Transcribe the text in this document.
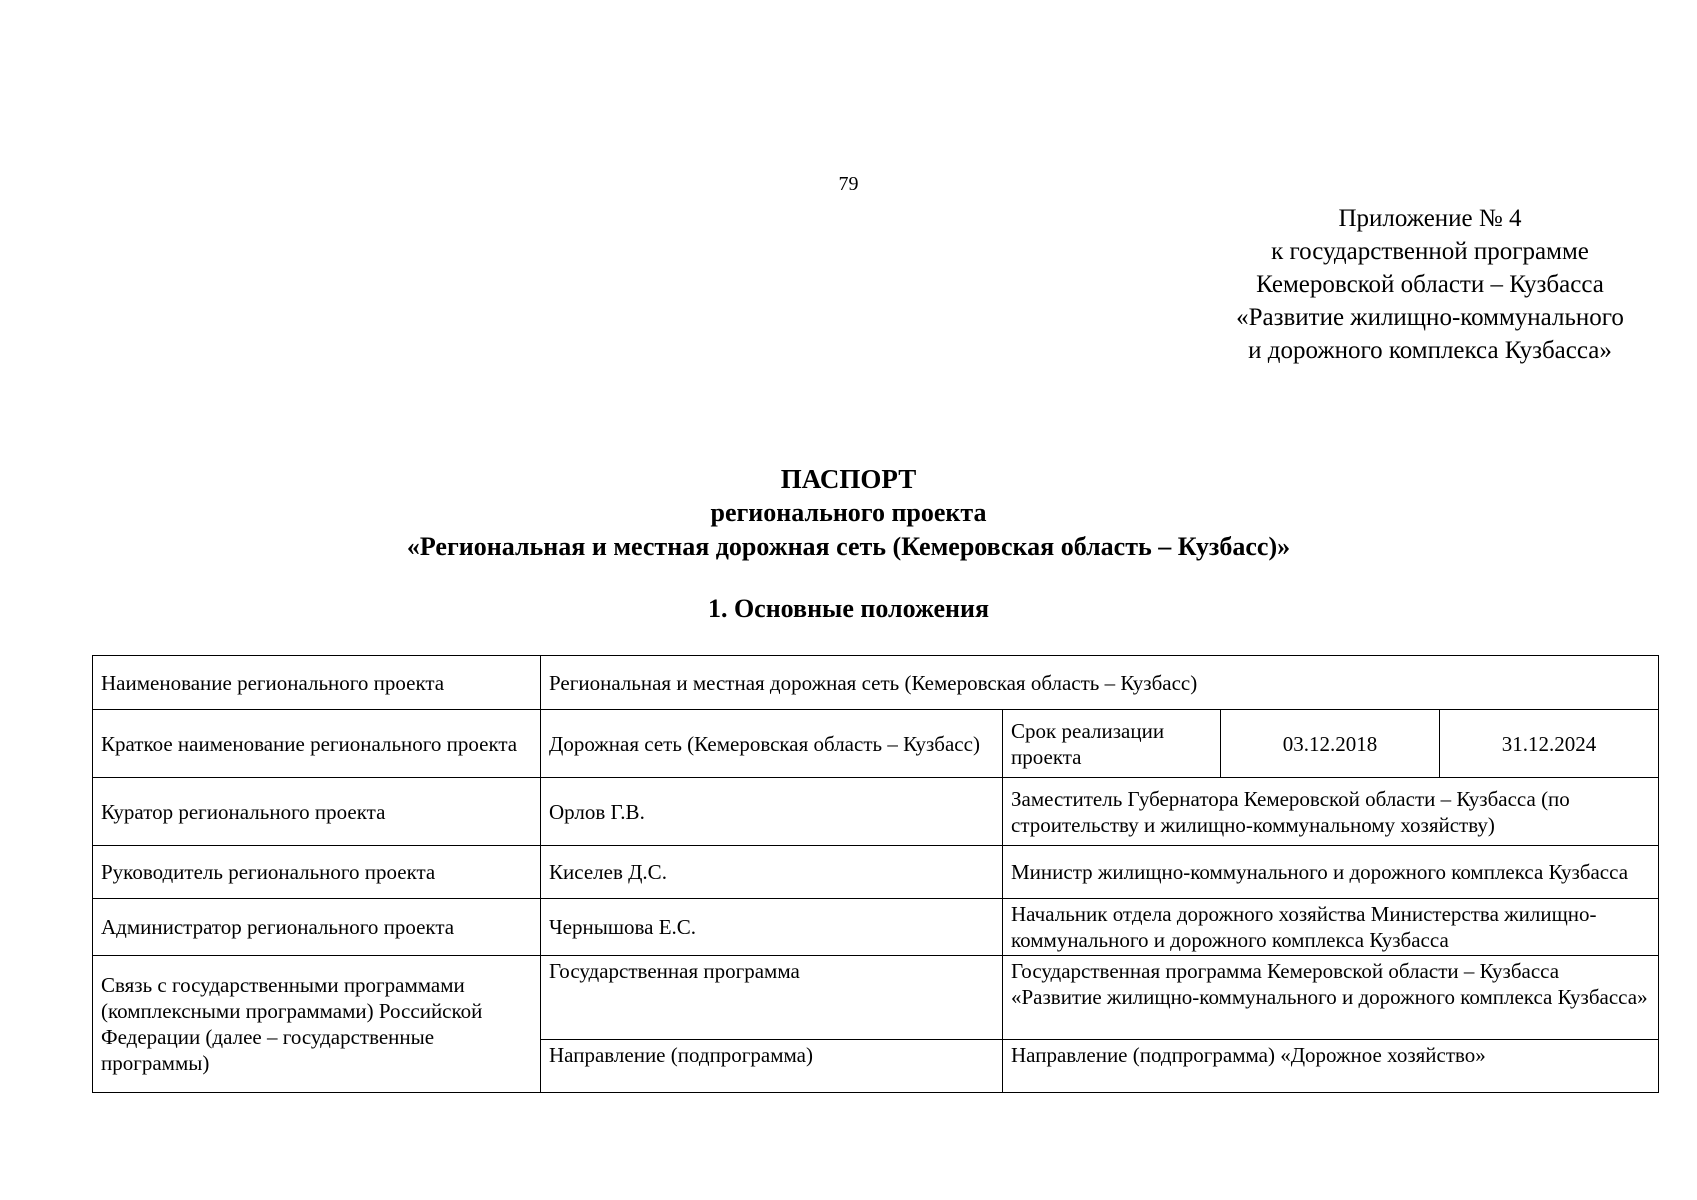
79
Приложение № 4
к государственной программе
Кемеровской области – Кузбасса
«Развитие жилищно-коммунального
и дорожного комплекса Кузбасса»
ПАСПОРТ
регионального проекта
«Региональная и местная дорожная сеть (Кемеровская область – Кузбасс)»
1. Основные положения
Наименование регионального проекта	Региональная и местная дорожная сеть (Кемеровская область – Кузбасс)			
Краткое наименование регионального проекта	Дорожная сеть (Кемеровская область – Кузбасс)	Срок реализации проекта	03.12.2018	31.12.2024
Куратор регионального проекта	Орлов Г.В.	Заместитель Губернатора Кемеровской области – Кузбасса (по строительству и жилищно-коммунальному хозяйству)		
Руководитель регионального проекта	Киселев Д.С.	Министр жилищно-коммунального и дорожного комплекса Кузбасса		
Администратор регионального проекта	Чернышова Е.С.	Начальник отдела дорожного хозяйства Министерства жилищно-коммунального и дорожного комплекса Кузбасса		
Связь с государственными программами (комплексными программами) Российской Федерации (далее – государственные программы)	Государственная программа	Государственная программа Кемеровской области – Кузбасса «Развитие жилищно-коммунального и дорожного комплекса Кузбасса»		
	Направление (подпрограмма)	Направление (подпрограмма) «Дорожное хозяйство»		
